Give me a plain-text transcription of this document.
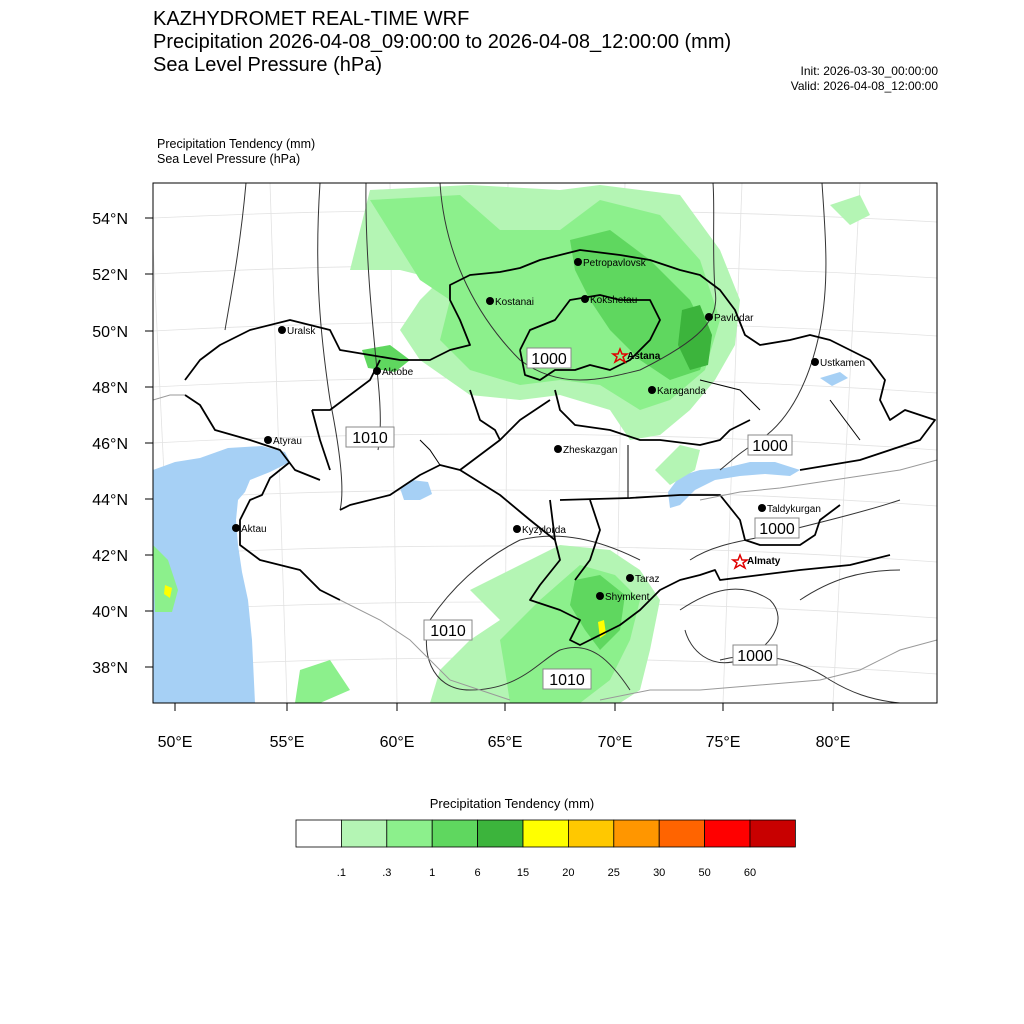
KAZHYDROMET REAL-TIME WRF
Precipitation 2026-04-08_09:00:00 to 2026-04-08_12:00:00 (mm)
Sea Level Pressure (hPa)	Init: 2026-03-30_00:00:00
Valid: 2026-04-08_12:00:00
Precipitation Tendency (mm)
Sea Level Pressure (hPa)
54°N
52°N
50°N
48°N
46°N
44°N
42°N
40°N
38°N
50°E	55°E	60°E	65°E	70°E	75°E	80°E
1000
1010	1000
1000
1010
1010
1000
Petropavlovsk
Kostanai	Kokshetau
Pavlodar
Uralsk
Astana
Aktobe
Ustkamen
Karaganda
Atyrau
Zheskazgan
Aktau	Kyzylorda
Taldykurgan
Almaty
Taraz
Shymkent
Precipitation Tendency (mm)
.1	.3	1	6	15	20	25	30	50	60
